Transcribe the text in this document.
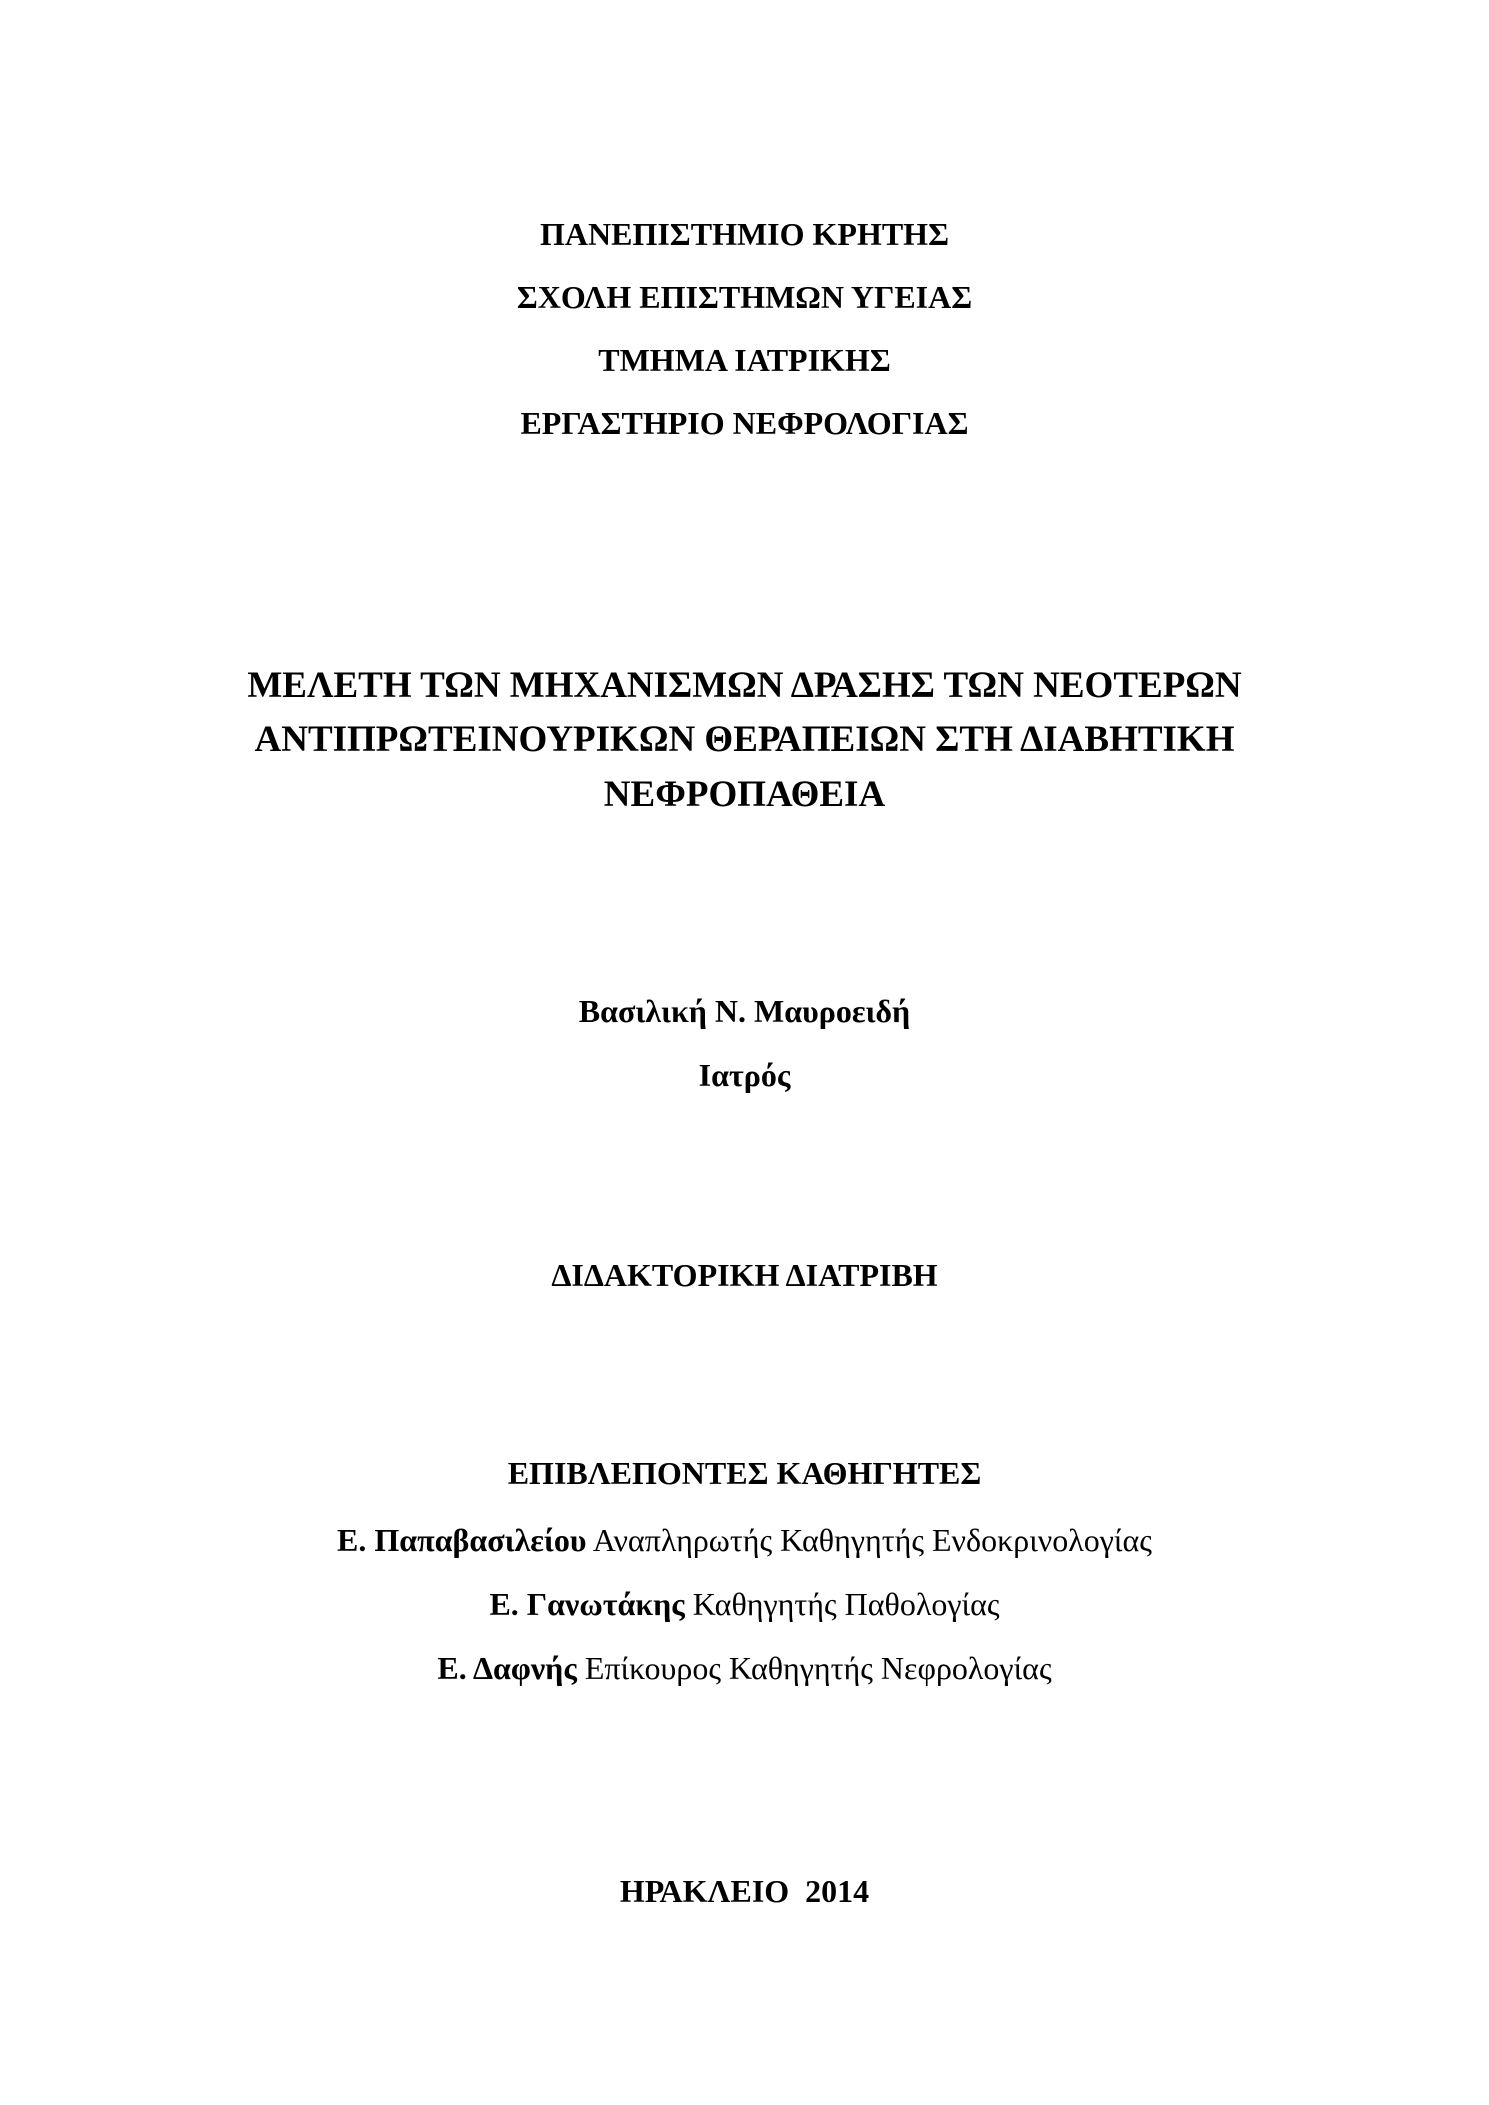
ΠΑΝΕΠΙΣΤΗΜΙΟ ΚΡΗΤΗΣ
ΣΧΟΛΗ ΕΠΙΣΤΗΜΩΝ ΥΓΕΙΑΣ
ΤΜΗΜΑ ΙΑΤΡΙΚΗΣ
ΕΡΓΑΣΤΗΡΙΟ ΝΕΦΡΟΛΟΓΙΑΣ
ΜΕΛΕΤΗ ΤΩΝ ΜΗΧΑΝΙΣΜΩΝ ΔΡΑΣΗΣ ΤΩΝ ΝΕΟΤΕΡΩΝ
ΑΝΤΙΠΡΩΤΕΙΝΟΥΡΙΚΩΝ ΘΕΡΑΠΕΙΩΝ ΣΤΗ ΔΙΑΒΗΤΙΚΗ
ΝΕΦΡΟΠΑΘΕΙΑ
Βασιλική Ν. Μαυροειδή
Ιατρός
ΔΙΔΑΚΤΟΡΙΚΗ ΔΙΑΤΡΙΒΗ
ΕΠΙΒΛΕΠΟΝΤΕΣ ΚΑΘΗΓΗΤΕΣ
Ε. Παπαβασιλείου Αναπληρωτής Καθηγητής Ενδοκρινολογίας
Ε. Γανωτάκης Καθηγητής Παθολογίας
Ε. Δαφνής Επίκουρος Καθηγητής Νεφρολογίας
ΗΡΑΚΛΕΙΟ  2014
